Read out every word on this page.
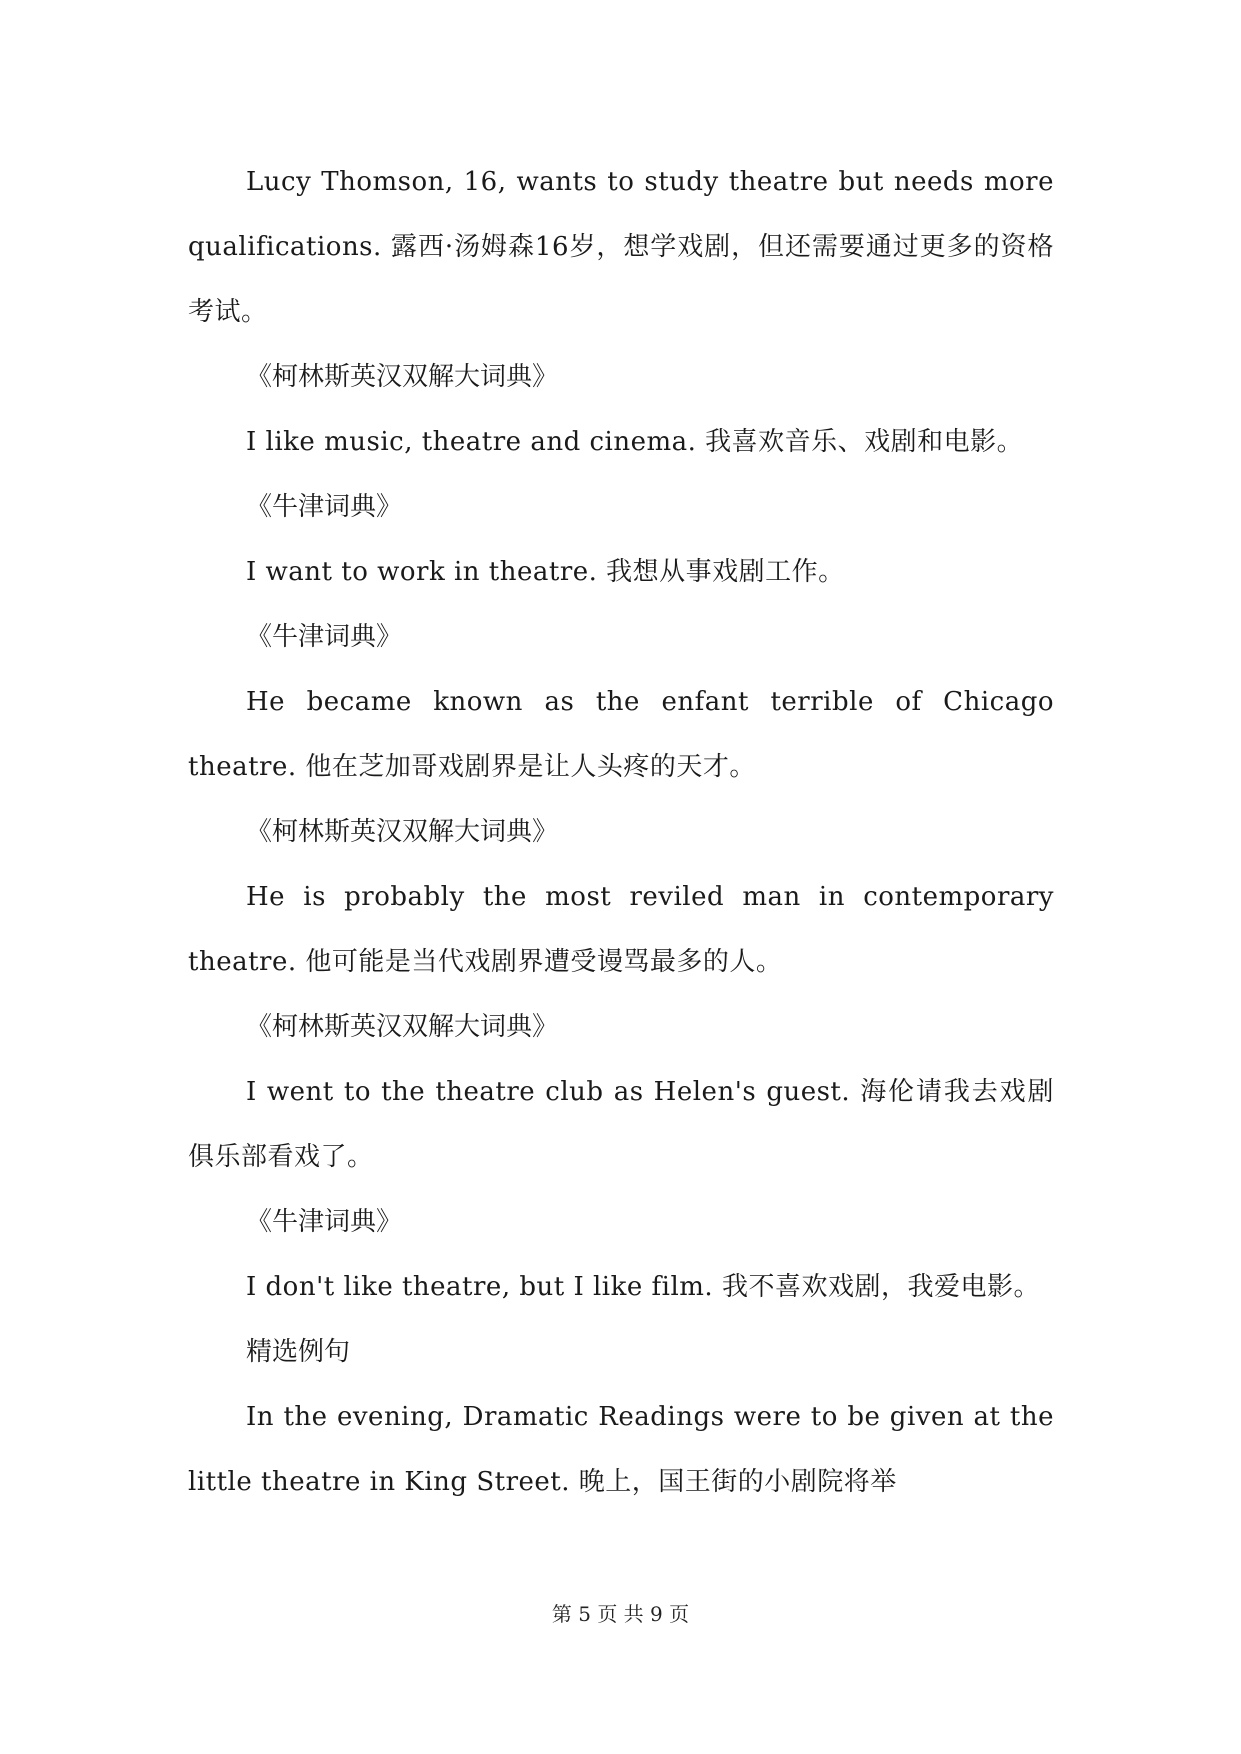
Lucy Thomson, 16, wants to study theatre but needs more qualifications. 露西·汤姆森16岁，想学戏剧，但还需要通过更多的资格考试。

《柯林斯英汉双解大词典》

I like music, theatre and cinema. 我喜欢音乐、戏剧和电影。

《牛津词典》

I want to work in theatre. 我想从事戏剧工作。

《牛津词典》

He became known as the enfant terrible of Chicago theatre. 他在芝加哥戏剧界是让人头疼的天才。

《柯林斯英汉双解大词典》

He is probably the most reviled man in contemporary theatre. 他可能是当代戏剧界遭受谩骂最多的人。

《柯林斯英汉双解大词典》

I went to the theatre club as Helen's guest. 海伦请我去戏剧俱乐部看戏了。

《牛津词典》

I don't like theatre, but I like film. 我不喜欢戏剧，我爱电影。

精选例句

In the evening, Dramatic Readings were to be given at the little theatre in King Street. 晚上，国王街的小剧院将举

第 5 页 共 9 页
